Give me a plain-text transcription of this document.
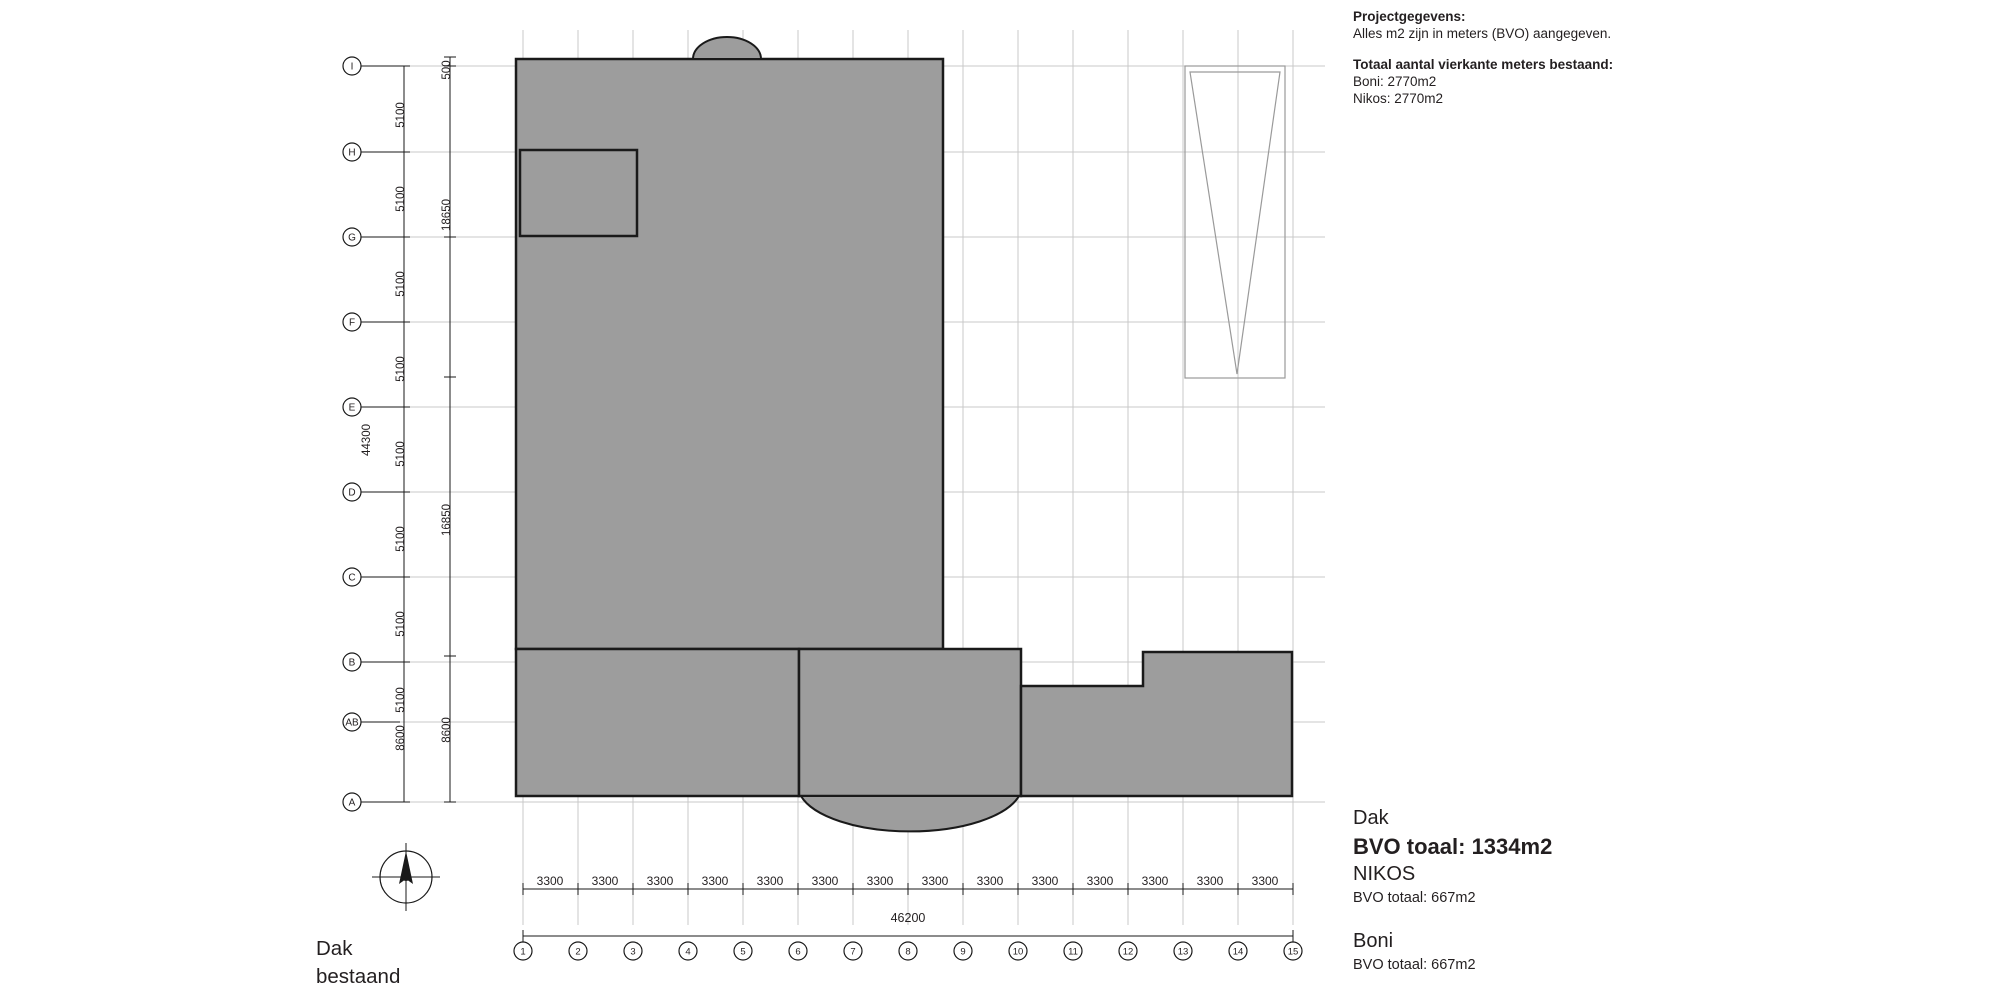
I
H
G
F
E
D
C
B
AB
A
5100
5100
5100
5100
5100
5100
5100
5100
8600
500
18650
16850
8600
44300
3300 3300 3300 3300 3300 3300 3300 3300 3300 3300 3300 3300 3300 3300
46200
1	2	3	4	5	6	7	8	9	10	11	12	13	14	15
Projectgegevens:
Alles m2 zijn in meters (BVO) aangegeven.
Totaal aantal vierkante meters bestaand:
Boni: 2770m2
Nikos: 2770m2
Dak
BVO toaal: 1334m2
NIKOS
BVO totaal: 667m2
Boni
BVO totaal: 667m2
Dak
bestaand
